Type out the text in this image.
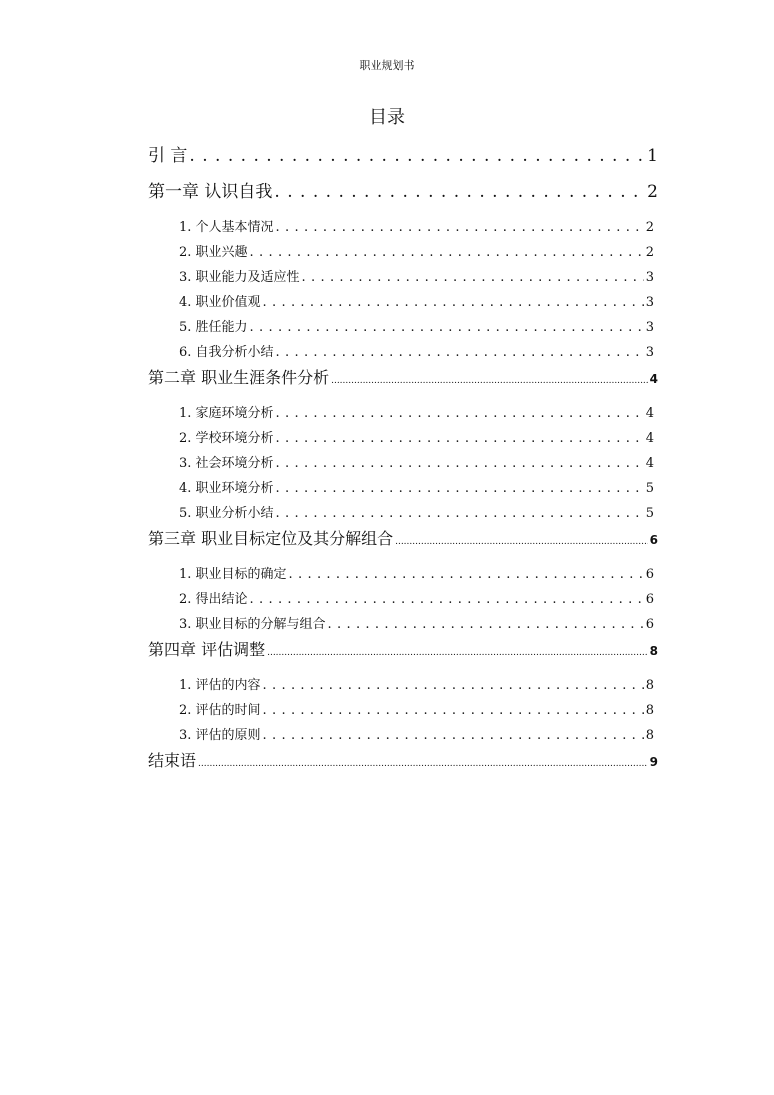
职业规划书
目录
引 言 . . .	1
第一章 认识自我 . . .	2
1. 个人基本情况 . . .	2
2. 职业兴趣 . . .	2
3. 职业能力及适应性 . . .	3
4. 职业价值观 . . .	3
5. 胜任能力 . . .	3
6. 自我分析小结 . . .	3
第二章 职业生涯条件分析 .....	4
1. 家庭环境分析 . . .	4
2. 学校环境分析 . . .	4
3. 社会环境分析 . . .	4
4. 职业环境分析 . . .	5
5. 职业分析小结 . . .	5
第三章 职业目标定位及其分解组合 .....	6
1. 职业目标的确定 . . .	6
2. 得出结论 . . .	6
3. 职业目标的分解与组合 . . .	6
第四章 评估调整 .....	8
1. 评估的内容 . . .	8
2. 评估的时间 . . .	8
3. 评估的原则 . . .	8
结束语 .....	9
